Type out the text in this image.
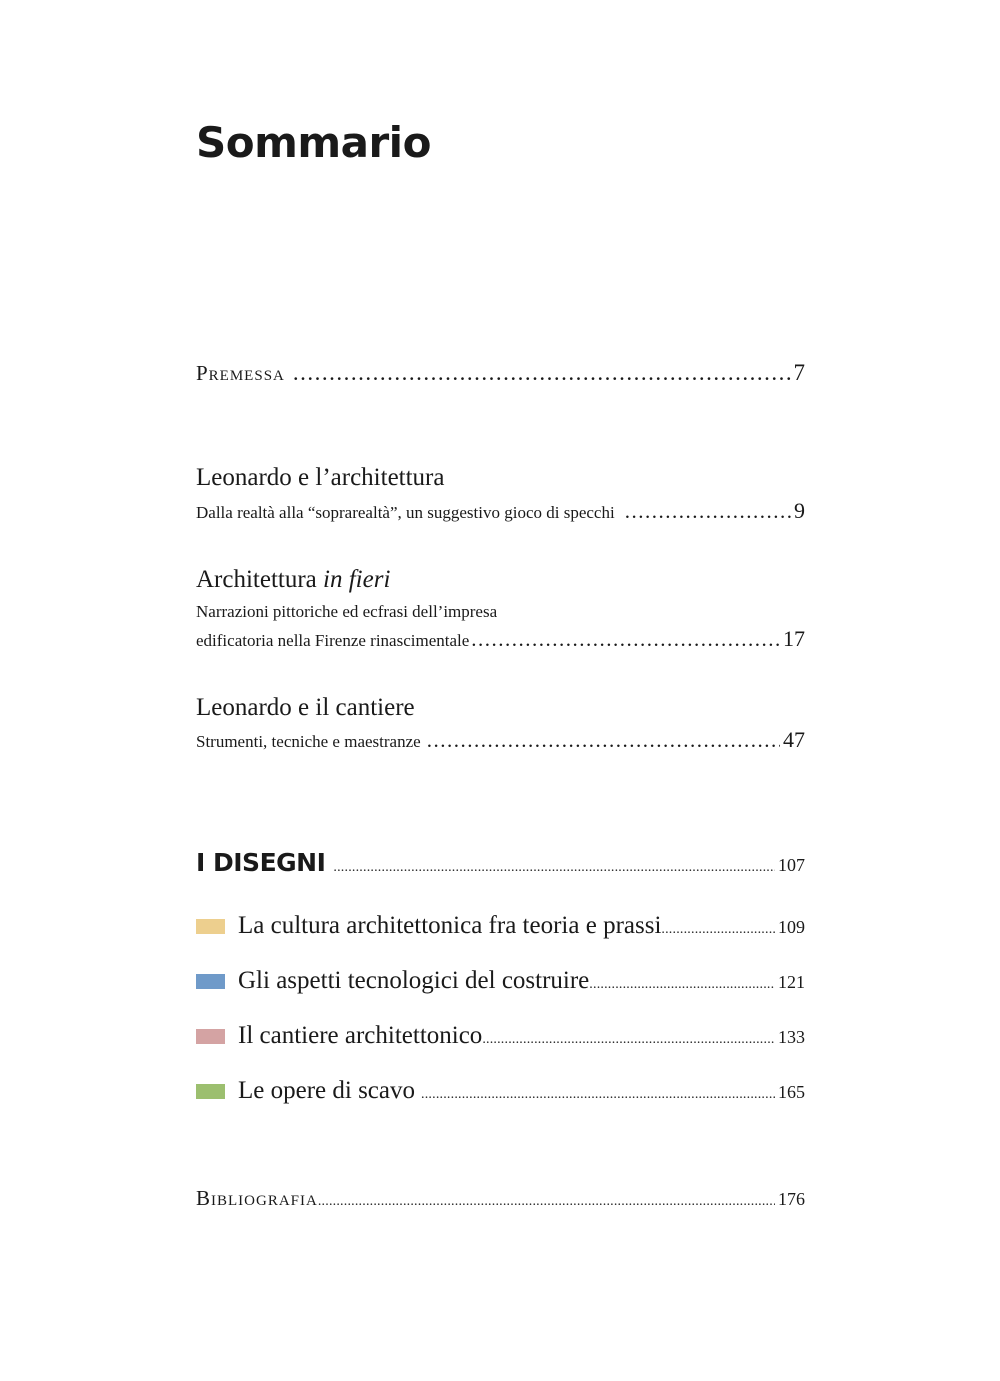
Sommario
Premessa .....	7
Leonardo e l’architettura
Dalla realtà alla “soprarealtà”, un suggestivo gioco di specchi .....	9
Architettura in fieri
Narrazioni pittoriche ed ecfrasi dell’impresa
edificatoria nella Firenze rinascimentale .....	17
Leonardo e il cantiere
Strumenti, tecniche e maestranze .....	47
I DISEGNI .....	107
La cultura architettonica fra teoria e prassi .....	109
Gli aspetti tecnologici del costruire .....	121
Il cantiere architettonico .....	133
Le opere di scavo .....	165
Bibliografia .....	176
